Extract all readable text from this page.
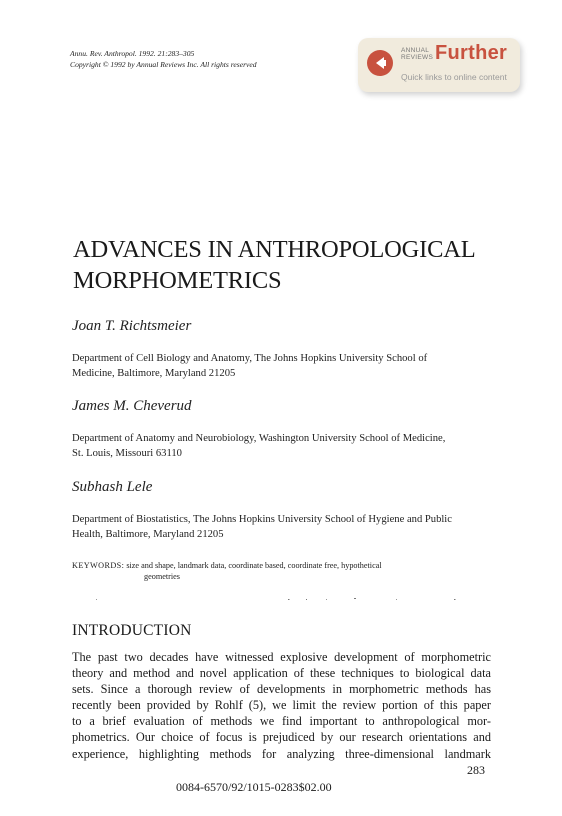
Annu. Rev. Anthropol. 1992. 21:283–305
Copyright © 1992 by Annual Reviews Inc. All rights reserved
ANNUAL
REVIEWS Further
Quick links to online content
ADVANCES IN ANTHROPOLOGICAL
MORPHOMETRICS
Joan T. Richtsmeier
Department of Cell Biology and Anatomy, The Johns Hopkins University School of
Medicine, Baltimore, Maryland 21205
James M. Cheverud
Department of Anatomy and Neurobiology, Washington University School of Medicine,
St. Louis, Missouri 63110
Subhash Lele
Department of Biostatistics, The Johns Hopkins University School of Hygiene and Public
Health, Baltimore, Maryland 21205
KEYWORDS: size and shape, landmark data, coordinate based, coordinate free, hypothetical
geometries
INTRODUCTION
The past two decades have witnessed explosive development of morphometric
theory and method and novel application of these techniques to biological data
sets. Since a thorough review of developments in morphometric methods has
recently been provided by Rohlf (5), we limit the review portion of this paper
to a brief evaluation of methods we find important to anthropological mor-
phometrics. Our choice of focus is prejudiced by our research orientations and
experience, highlighting methods for analyzing three-dimensional landmark
283
0084-6570/92/1015-0283$02.00
